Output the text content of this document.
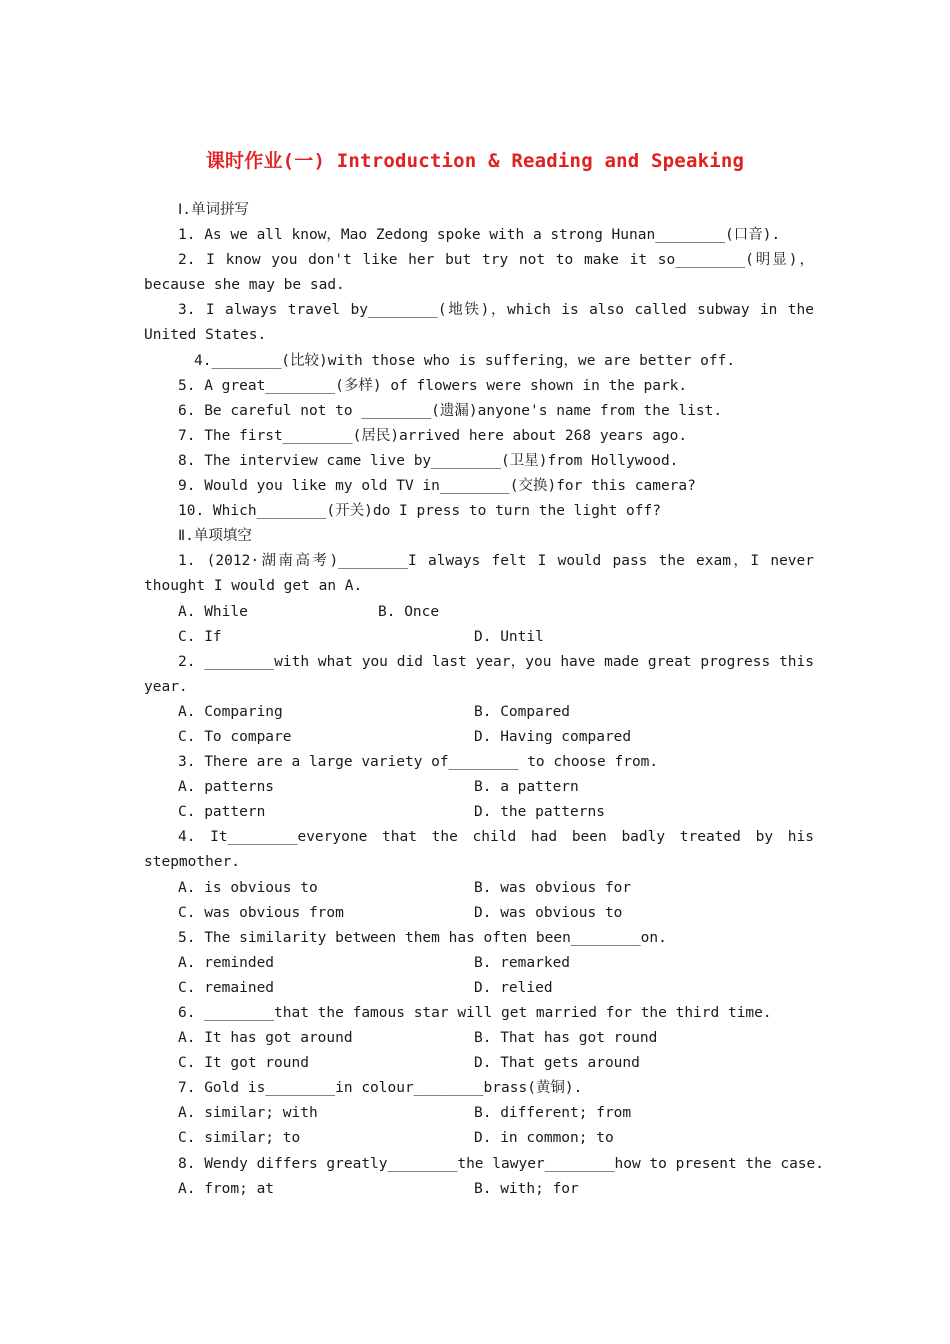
课时作业(一) Introduction & Reading and Speaking
Ⅰ.单词拼写
1. As we all know，Mao Zedong spoke with a strong Hunan________(口音).
2. I know you don't like her but try not to make it so________(明显)，because she may be sad.
3. I always travel by________(地铁)，which is also called subway in the United States.
4.________(比较)with those who is suffering，we are better off.
5. A great________(多样) of flowers were shown in the park.
6. Be careful not to ________(遗漏)anyone's name from the list.
7. The first________(居民)arrived here about 268 years ago.
8. The interview came live by________(卫星)from Hollywood.
9. Would you like my old TV in________(交换)for this camera?
10. Which________(开关)do I press to turn the light off?
Ⅱ.单项填空
1. (2012·湖南高考)________I always felt I would pass the exam，I never thought I would get an A.
A. While	B. Once
C. If	D. Until
2. ________with what you did last year，you have made great progress this year.
A. Comparing	B. Compared
C. To compare	D. Having compared
3. There are a large variety of________ to choose from.
A. patterns	B. a pattern
C. pattern	D. the patterns
4. It________everyone that the child had been badly treated by his stepmother.
A. is obvious to	B. was obvious for
C. was obvious from	D. was obvious to
5. The similarity between them has often been________on.
A. reminded	B. remarked
C. remained	D. relied
6. ________that the famous star will get married for the third time.
A. It has got around	B. That has got round
C. It got round	D. That gets around
7. Gold is________in colour________brass(黄铜).
A. similar; with	B. different; from
C. similar; to	D. in common; to
8. Wendy differs greatly________the lawyer________how to present the case.
A. from; at	B. with; for
